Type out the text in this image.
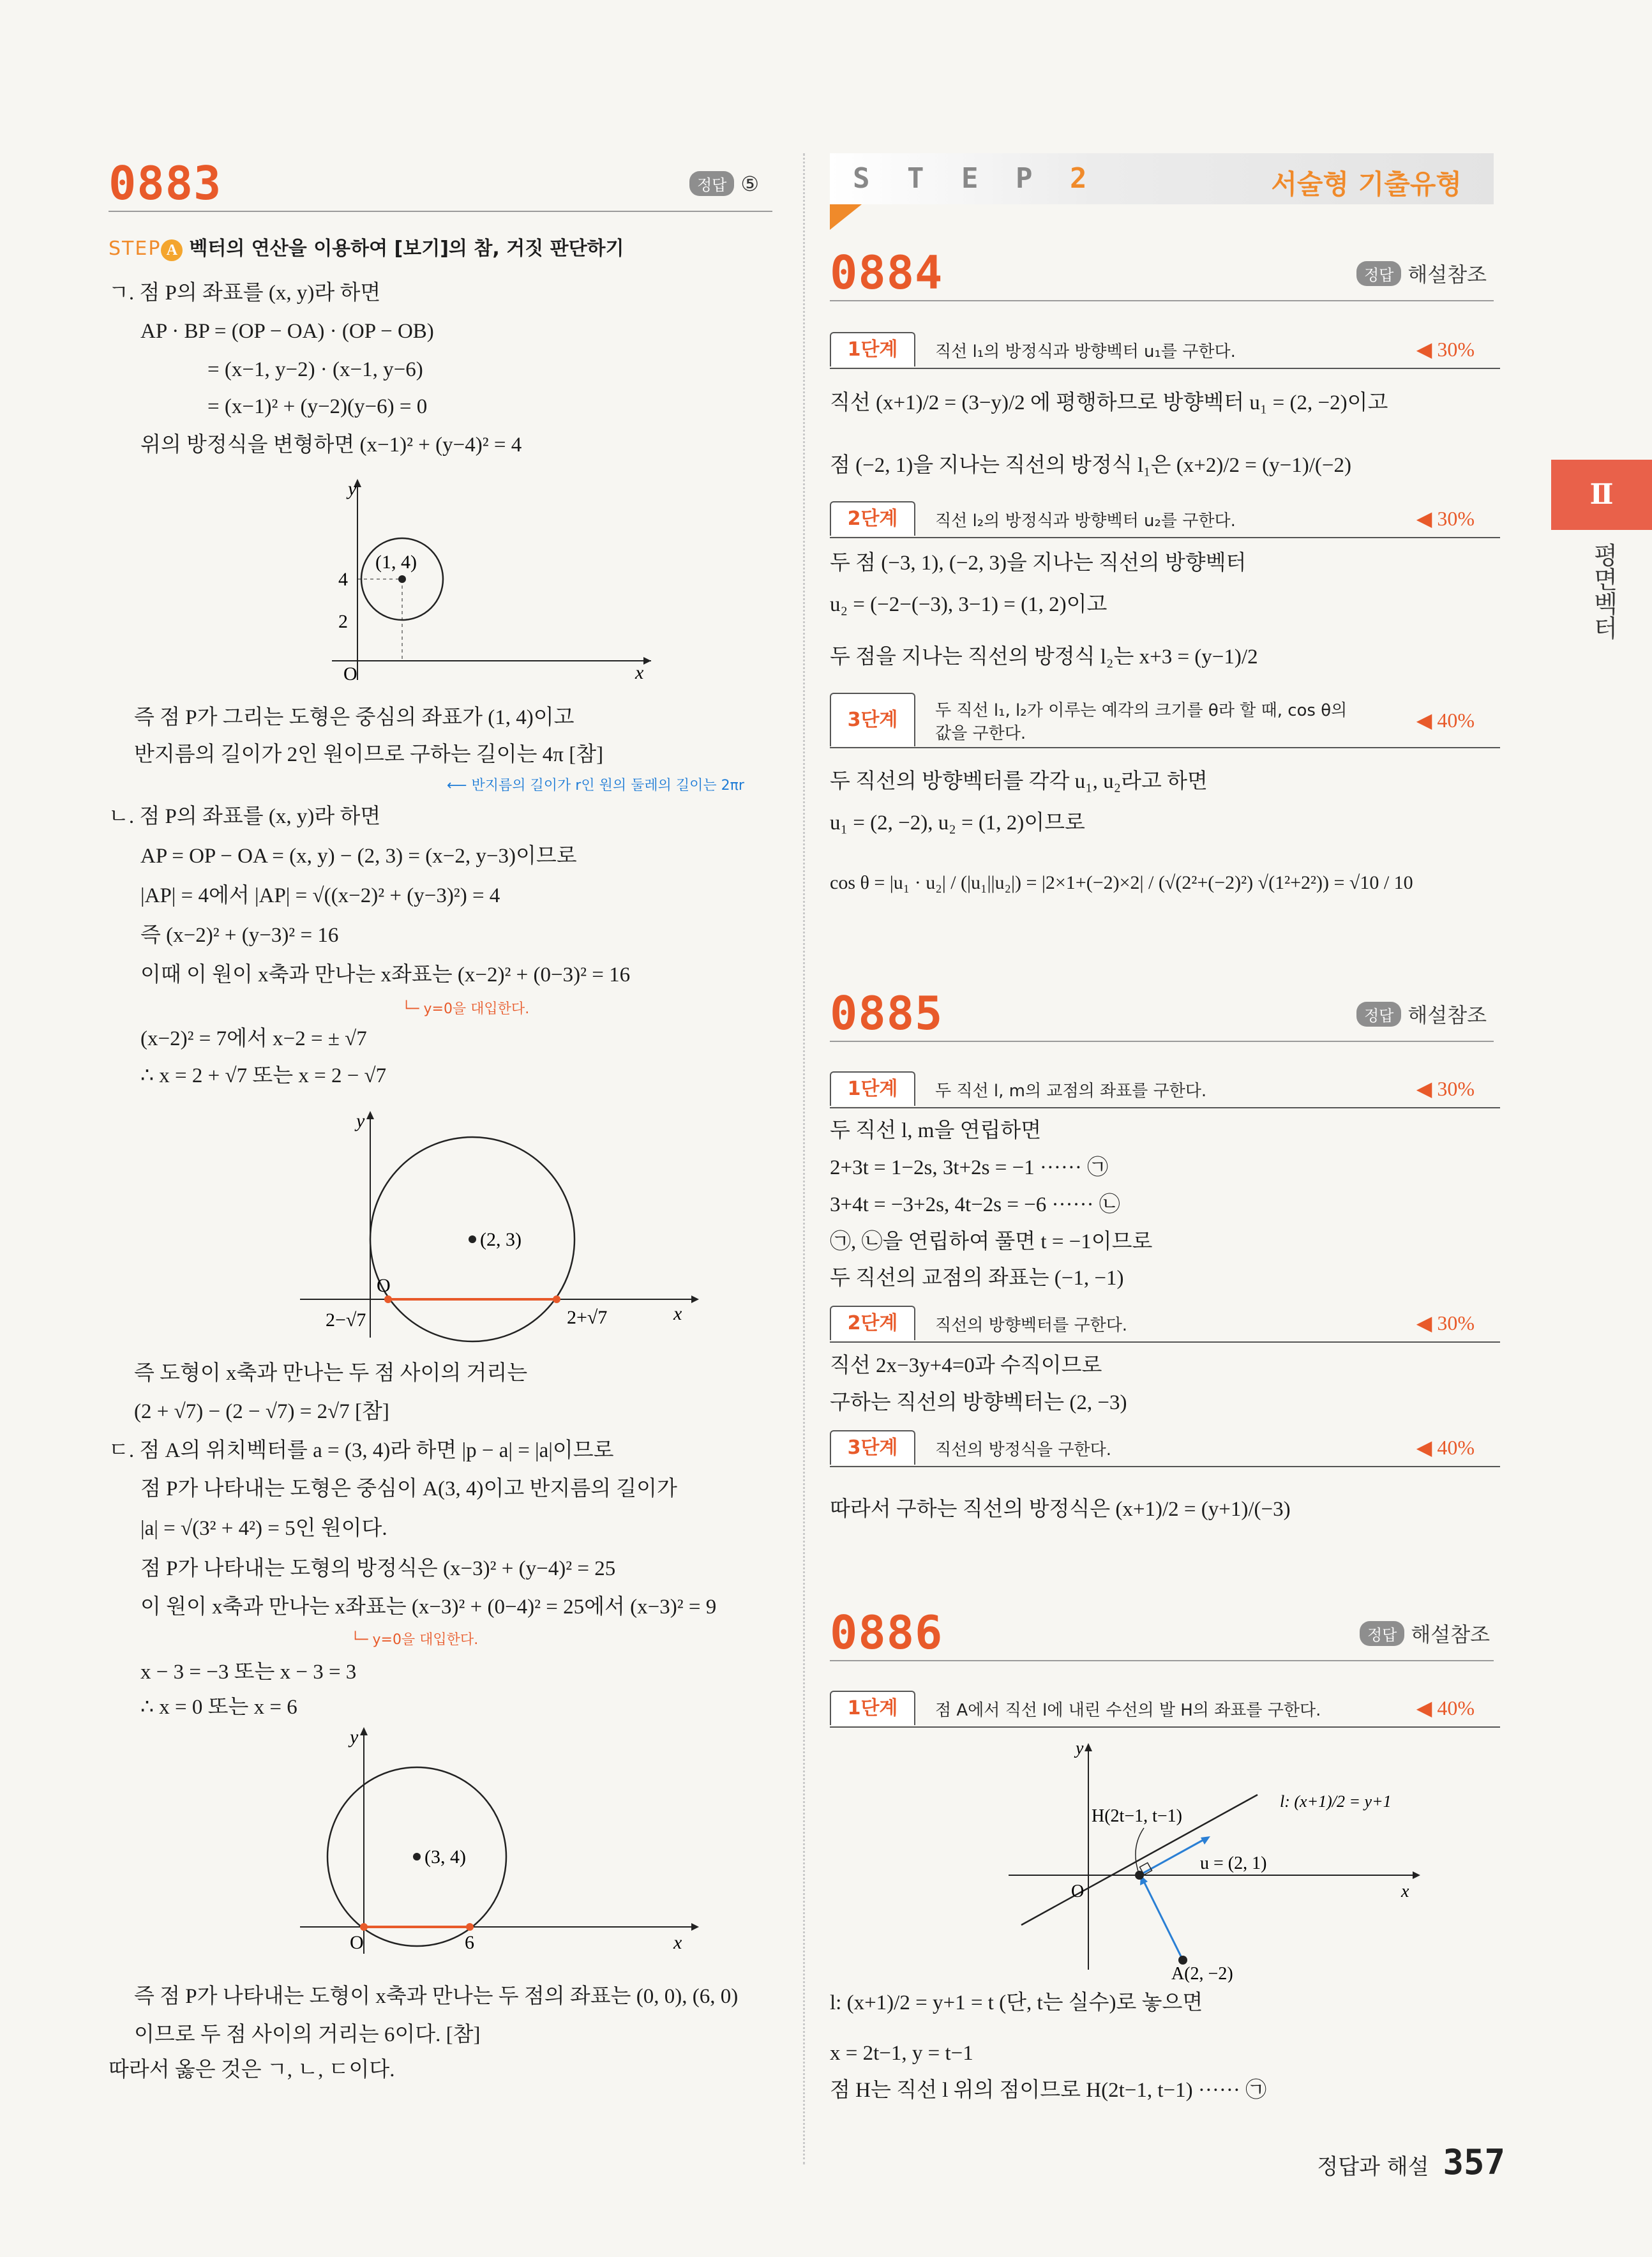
0883	정답 ⑤
STEP A 벡터의 연산을 이용하여 [보기]의 참, 거짓 판단하기
ㄱ. 점 P의 좌표를 (x, y)라 하면
AP · BP = (OP − OA) · (OP − OB)
= (x−1, y−2) · (x−1, y−6)
= (x−1)² + (y−2)(y−6) = 0
위의 방정식을 변형하면 (x−1)² + (y−4)² = 4
y
x
O
(1, 4)
4
2
즉 점 P가 그리는 도형은 중심의 좌표가 (1, 4)이고
반지름의 길이가 2인 원이므로 구하는 길이는 4π [참]
⟵ 반지름의 길이가 r인 원의 둘레의 길이는 2πr
ㄴ. 점 P의 좌표를 (x, y)라 하면
AP = OP − OA = (x, y) − (2, 3) = (x−2, y−3)이므로
|AP| = 4에서 |AP| = √((x−2)² + (y−3)²) = 4
즉 (x−2)² + (y−3)² = 16
이때 이 원이 x축과 만나는 x좌표는 (x−2)² + (0−3)² = 16
└─ y=0을 대입한다.
(x−2)² = 7에서 x−2 = ± √7
∴ x = 2 + √7 또는 x = 2 − √7
y
x
O
(2, 3)
2−√7	2+√7
즉 도형이 x축과 만나는 두 점 사이의 거리는
(2 + √7) − (2 − √7) = 2√7 [참]
ㄷ. 점 A의 위치벡터를 a = (3, 4)라 하면 |p − a| = |a|이므로
점 P가 나타내는 도형은 중심이 A(3, 4)이고 반지름의 길이가
|a| = √(3² + 4²) = 5인 원이다.
점 P가 나타내는 도형의 방정식은 (x−3)² + (y−4)² = 25
이 원이 x축과 만나는 x좌표는 (x−3)² + (0−4)² = 25에서 (x−3)² = 9
└─ y=0을 대입한다.
x − 3 = −3 또는 x − 3 = 3
∴ x = 0 또는 x = 6
y
x
O
(3, 4)
6
즉 점 P가 나타내는 도형이 x축과 만나는 두 점의 좌표는 (0, 0), (6, 0)
이므로 두 점 사이의 거리는 6이다. [참]
따라서 옳은 것은 ㄱ, ㄴ, ㄷ이다.
S T E P 2	서술형 기출유형
0884	정답 해설참조
1단계	직선 l₁의 방정식과 방향벡터 u₁를 구한다.	◀ 30%
직선 (x+1)/2 = (3−y)/2 에 평행하므로 방향벡터 u₁ = (2, −2)이고
점 (−2, 1)을 지나는 직선의 방정식 l₁은 (x+2)/2 = (y−1)/(−2)
2단계	직선 l₂의 방정식과 방향벡터 u₂를 구한다.	◀ 30%
두 점 (−3, 1), (−2, 3)을 지나는 직선의 방향벡터
u₂ = (−2−(−3), 3−1) = (1, 2)이고
두 점을 지나는 직선의 방정식 l₂는 x+3 = (y−1)/2
3단계	두 직선 l₁, l₂가 이루는 예각의 크기를 θ라 할 때, cos θ의 값을 구한다.
◀ 40%
두 직선의 방향벡터를 각각 u₁, u₂라고 하면
u₁ = (2, −2), u₂ = (1, 2)이므로
cos θ = |u₁ · u₂| / (|u₁||u₂|) = |2×1+(−2)×2| / (√(2²+(−2)²) √(1²+2²)) = √10 / 10
0885	정답 해설참조
1단계	두 직선 l, m의 교점의 좌표를 구한다.	◀ 30%
두 직선 l, m을 연립하면
2+3t = 1−2s, 3t+2s = −1 ······ ㉠
3+4t = −3+2s, 4t−2s = −6 ······ ㉡
㉠, ㉡을 연립하여 풀면 t = −1이므로
두 직선의 교점의 좌표는 (−1, −1)
2단계	직선의 방향벡터를 구한다.	◀ 30%
직선 2x−3y+4=0과 수직이므로
구하는 직선의 방향벡터는 (2, −3)
3단계	직선의 방정식을 구한다.	◀ 40%
따라서 구하는 직선의 방정식은 (x+1)/2 = (y+1)/(−3)
0886	정답 해설참조
1단계	점 A에서 직선 l에 내린 수선의 발 H의 좌표를 구한다.	◀ 40%
y
x
O
H(2t−1, t−1)
l: (x+1)/2 = y+1
u = (2, 1)
A(2, −2)
l: (x+1)/2 = y+1 = t (단, t는 실수)로 놓으면
x = 2t−1, y = t−1
점 H는 직선 l 위의 점이므로 H(2t−1, t−1) ······ ㉠
Ⅱ
평면벡터
정답과 해설 357
